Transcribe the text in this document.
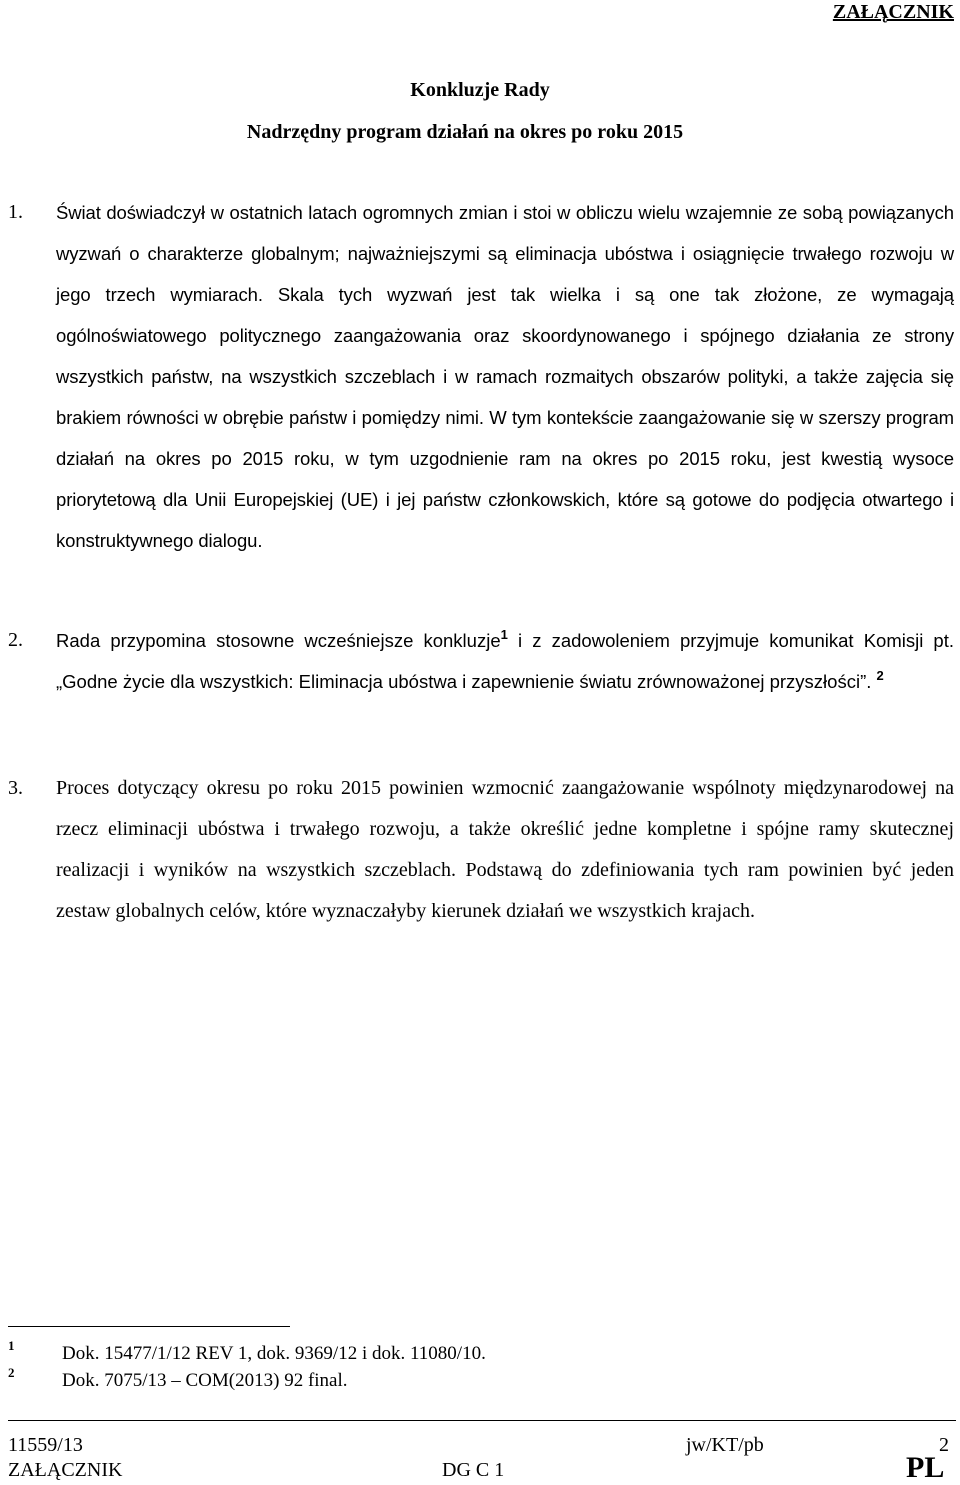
ZAŁĄCZNIK
Konkluzje Rady
Nadrzędny program działań na okres po roku 2015
1. Świat doświadczył w ostatnich latach ogromnych zmian i stoi w obliczu wielu wzajemnie ze sobą powiązanych wyzwań o charakterze globalnym; najważniejszymi są eliminacja ubóstwa i osiągnięcie trwałego rozwoju w jego trzech wymiarach. Skala tych wyzwań jest tak wielka i są one tak złożone, ze wymagają ogólnoświatowego politycznego zaangażowania oraz skoordynowanego i spójnego działania ze strony wszystkich państw, na wszystkich szczeblach i w ramach rozmaitych obszarów polityki, a także zajęcia się brakiem równości w obrębie państw i pomiędzy nimi. W tym kontekście zaangażowanie się w szerszy program działań na okres po 2015 roku, w tym uzgodnienie ram na okres po 2015 roku, jest kwestią wysoce priorytetową dla Unii Europejskiej (UE) i jej państw członkowskich, które są gotowe do podjęcia otwartego i konstruktywnego dialogu.
2. Rada przypomina stosowne wcześniejsze konkluzje$^1$ i z zadowoleniem przyjmuje komunikat Komisji pt. „Godne życie dla wszystkich: Eliminacja ubóstwa i zapewnienie światu zrównoważonej przyszłości”. $^2$
3. Proces dotyczący okresu po roku 2015 powinien wzmocnić zaangażowanie wspólnoty międzynarodowej na rzecz eliminacji ubóstwa i trwałego rozwoju, a także określić jedne kompletne i spójne ramy skutecznej realizacji i wyników na wszystkich szczeblach. Podstawą do zdefiniowania tych ram powinien być jeden zestaw globalnych celów, które wyznaczałyby kierunek działań we wszystkich krajach.
1	Dok. 15477/1/12 REV 1, dok. 9369/12 i dok. 11080/10.
2	Dok. 7075/13 – COM(2013) 92 final.
11559/13	jw/KT/pb	2
ZAŁĄCZNIK	DG C 1	PL
